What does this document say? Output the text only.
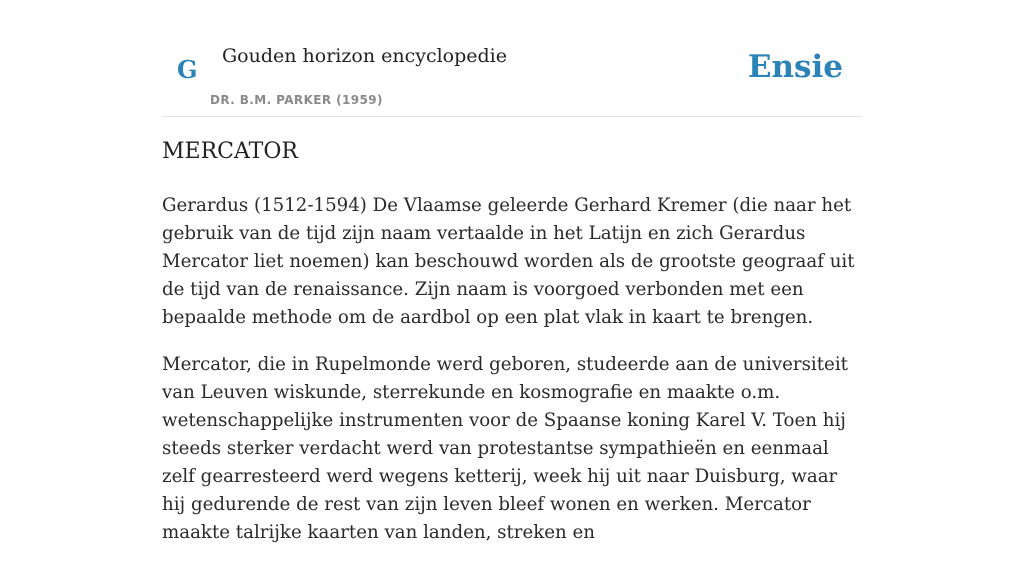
G Gouden horizon encyclopedie
DR. B.M. PARKER (1959)
Ensie
MERCATOR

Gerardus (1512-1594) De Vlaamse geleerde Gerhard Kremer (die naar het gebruik van de tijd zijn naam vertaalde in het Latijn en zich Gerardus Mercator liet noemen) kan beschouwd worden als de grootste geograaf uit de tijd van de renaissance. Zijn naam is voorgoed verbonden met een bepaalde methode om de aardbol op een plat vlak in kaart te brengen.

Mercator, die in Rupelmonde werd geboren, studeerde aan de universiteit van Leuven wiskunde, sterrekunde en kosmografie en maakte o.m. wetenschappelijke instrumenten voor de Spaanse koning Karel V. Toen hij steeds sterker verdacht werd van protestantse sympathieën en eenmaal zelf gearresteerd werd wegens ketterij, week hij uit naar Duisburg, waar hij gedurende de rest van zijn leven bleef wonen en werken. Mercator maakte talrijke kaarten van landen, streken en
